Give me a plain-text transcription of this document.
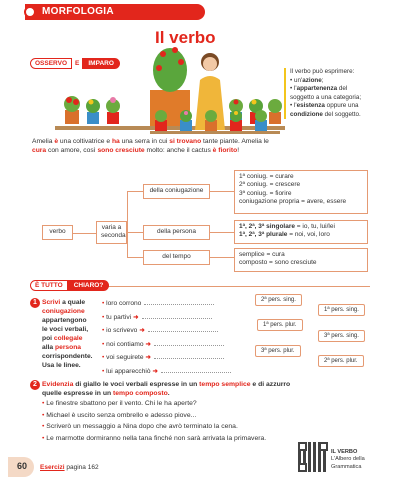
MORFOLOGIA
Il verbo
OSSERVO	E	IMPARO
Il verbo può esprimere:
• un'azione;
• l'appartenenza del soggetto a una categoria;
• l'esistenza oppure una condizione del soggetto.
Amelia è una coltivatrice e ha una serra in cui si trovano tante piante. Amelia le cura con amore, così sono cresciute molto: anche il cactus è fiorito!
verbo
varia a seconda
della coniugazione
della persona
del tempo
1ª coniug. = curare
2ª coniug. = crescere
3ª coniug. = fiorire
coniugazione propria = avere, essere
1ª, 2ª, 3ª singolare = io, tu, lui/lei
1ª, 2ª, 3ª plurale = noi, voi, loro
semplice = cura
composto = sono cresciute
È TUTTO	CHIARO?
1 Scrivi a quale
coniugazione
appartengono
le voci verbali,
poi collegale
alla persona
corrispondente.
Usa le linee.
• loro corrono
• tu partivi ➜
• io scrivevo ➜
• noi contiamo ➜
• voi seguirete ➜
• lui apparecchiò ➜
2ª pers. sing.
1ª pers. sing.
1ª pers. plur.
3ª pers. sing.
3ª pers. plur.
2ª pers. plur.
2 Evidenzia di giallo le voci verbali espresse in un tempo semplice e di azzurro
quelle espresse in un tempo composto.
• Le finestre sbattono per il vento. Chi le ha aperte?
• Michael è uscito senza ombrello e adesso piove...
• Scriverò un messaggio a Nina dopo che avrò terminato la cena.
• Le marmotte dormiranno nella tana finché non sarà arrivata la primavera.
60 Esercizi pagina 162
IL VERBO
L'Albero della
Grammatica
